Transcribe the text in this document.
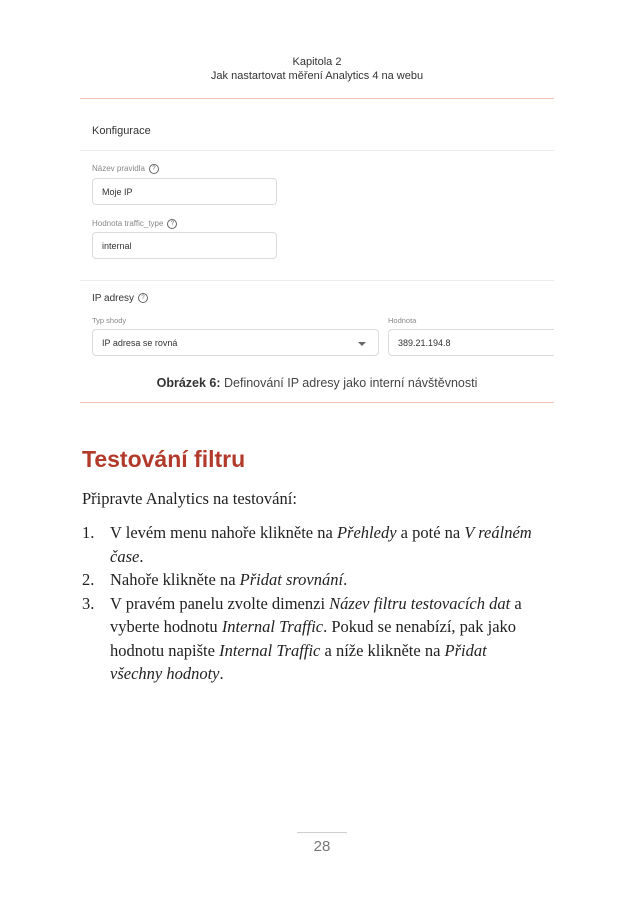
Kapitola 2
Jak nastartovat měření Analytics 4 na webu
Konfigurace
Název pravidla ?
Moje IP
Hodnota traffic_type ?
internal
IP adresy ?
Typ shody
IP adresa se rovná
Hodnota
389.21.194.8
Obrázek 6: Definování IP adresy jako interní návštěvnosti
Testování filtru
Připravte Analytics na testování:
1. V levém menu nahoře klikněte na Přehledy a poté na V reálném čase.
2. Nahoře klikněte na Přidat srovnání.
3. V pravém panelu zvolte dimenzi Název filtru testovacích dat a vyberte hodnotu Internal Traffic. Pokud se nenabízí, pak jako hodnotu napište Internal Traffic a níže klikněte na Přidat všechny hodnoty.
28
